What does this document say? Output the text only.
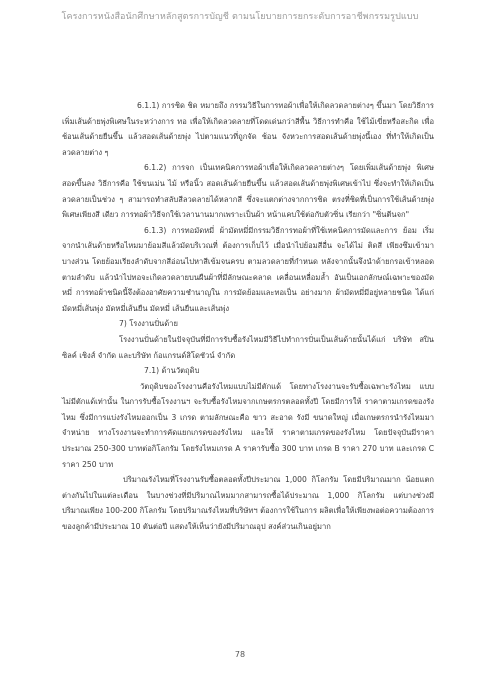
โครงการหนังสือนักศึกษาหลักสูตรการบัญชี ตามนโยบายการยกระดับการอาชีพกรรมรูปแบบ

6.1.1) การชิด ชิด หมายถึง กรรมวิธีในการทอผ้าเพื่อให้เกิดลวดลายต่างๆ ขึ้นมา โดยวิธีการเพิ่มเส้นด้ายพุ่งพิเศษในระหว่างการ ทอ เพื่อให้เกิดลวดลายที่โดดเด่นกว่าสีพื้น วิธีการทำคือ ใช้ไม้เขี่ยหรือสะกิด เพื่อช้อนเส้นด้ายยืนขึ้น แล้วสอดเส้นด้ายพุ่ง ไปตามแนวที่ถูกจัด ช้อน จังหวะการสอดเส้นด้ายพุ่งนี้เอง ที่ทำให้เกิดเป็นลวดลายต่าง ๆ

6.1.2) การจก เป็นเทคนิคการทอผ้าเพื่อให้เกิดลวดลายต่างๆ โดยเพิ่มเส้นด้ายพุ่ง พิเศษสอดขึ้นลง วิธีการคือ ใช้ขนเม่น ไม้ หรือนิ้ว สอดเส้นด้ายยืนขึ้น แล้วสอดเส้นด้ายพุ่งพิเศษเข้าไป ซึ่งจะทำให้เกิดเป็นลวดลายเป็นช่วง ๆ สามารถทำสลับสีลวดลายได้หลากสี ซึ่งจะแตกต่างจากการชิด ตรงที่ชิดที่เป็นการใช้เส้นด้ายพุ่งพิเศษเพียงสี เดียว การทอผ้าวิธีจกใช้เวลานานมากเพราะเป็นผ้า หน้าแคบใช้ต่อกับตัวซิ่น เรียกว่า "ซิ่นตีนจก"

6.1.3) การทอมัดหมี่ ผ้ามัดหมี่มีกรรมวิธีการทอผ้าที่ใช้เทคนิคการมัดและการ ย้อม เริ่มจากนำเส้นด้ายหรือไหมมาย้อมสีแล้วมัดบริเวณที่ ต้องการเก็บไว้ เมื่อนำไปย้อมสีอื่น จะได้ไม่ ติดสี เพียงซึมเข้ามาบางส่วน โดยย้อมเรียงลำดับจากสีอ่อนไปหาสีเข้มจนครบ ตามลวดลายที่กำหนด หลังจากนั้นจึงนำด้ายกรอเข้าหลอดตามลำดับ แล้วนำไปทอจะเกิดลวดลายบนผืนผ้าที่มีลักษณะคลาด เคลื่อนเหลื่อมล้ำ อันเป็นเอกลักษณ์เฉพาะของมัดหมี่ การทอผ้าชนิดนี้จึงต้องอาศัยความชำนาญใน การมัดย้อมและทอเป็น อย่างมาก ผ้ามัดหมี่มีอยู่หลายชนิด ได้แก่ มัดหมี่เส้นพุ่ง มัดหมี่เส้นยืน มัดหมี่ เส้นยืนและเส้นพุ่ง

7) โรงงานปั่นด้าย

โรงงานปั่นด้ายในปัจจุบันที่มีการรับซื้อรังไหมมีวิธีไปทำการปั่นเป็นเส้นด้ายนั้นได้แก่ บริษัท สปินซิลค์ เชิงส์ จำกัด และบริษัท ก้อแกรนด์สิโดชัวน์ จำกัด

7.1) ด้านวัตถุดิบ

วัตถุดิบของโรงงานคือรังไหมแบบไม่มีตักแด้ โดยทางโรงงานจะรับซื้อเฉพาะรังไหม แบบไม่มีตักแด้เท่านั้น ในการรับซื้อโรงงานฯ จะรับซื้อรังไหมจากเกษตรกรตลอดทั้งปี โดยมีการให้ ราคาตามเกรดของรังไหม ซึ่งมีการแบ่งรังไหมออกเป็น 3 เกรด ตามลักษณะคือ ขาว สะอาด รังมี ขนาดใหญ่ เมื่อเกษตรกรนำรังไหมมาจำหน่าย ทางโรงงานจะทำการคัดแยกเกรดของรังไหม และให้ ราคาตามเกรดของรังไหม โดยปัจจุบันมีราคาประมาณ 250-300 บาทต่อกิโลกรัม โดยรังไหมเกรด A ราคารับซื้อ 300 บาท เกรด B ราคา 270 บาท และเกรด C ราคา 250 บาท

ปริมาณรังไหมที่โรงงานรับซื้อตลอดทั้งปีประมาณ 1,000 กิโลกรัม โดยมีปริมาณมาก น้อยแตกต่างกันไปในแต่ละเดือน ในบางช่วงที่มีปริมาณไหมมากสามารถซื้อได้ประมาณ 1,000 กิโลกรัม แต่บางช่วงมีปริมาณเพียง 100-200 กิโลกรัม โดยปริมาณรังไหมที่บริษัทฯ ต้องการใช้ในการ ผลิตเพื่อให้เพียงพอต่อความต้องการของลูกค้ามีประมาณ 10 ตันต่อปี แสดงให้เห็นว่ายังมีปริมาณอุป สงค์ส่วนเกินอยู่มาก

78
